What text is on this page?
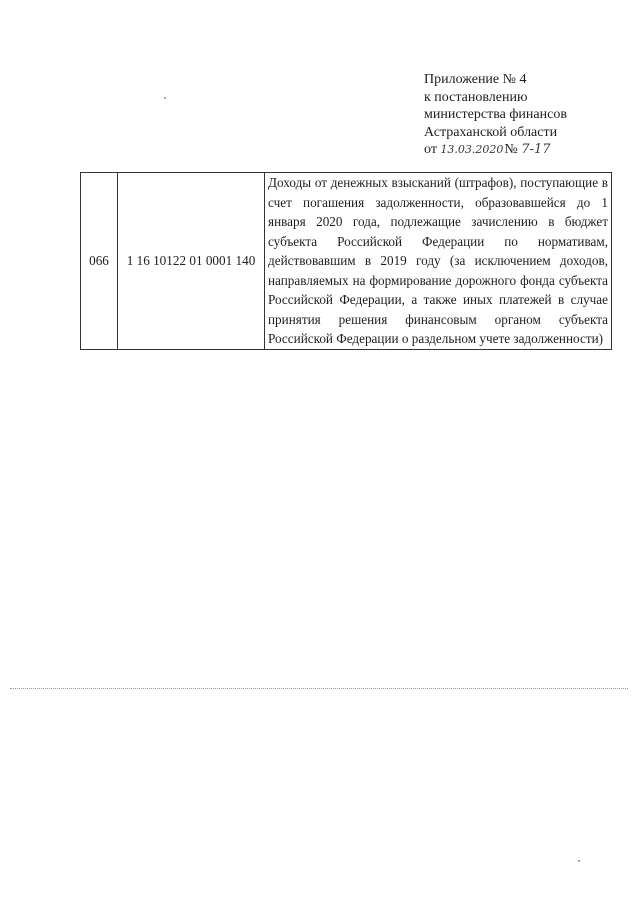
Приложение № 4
к постановлению
министерства финансов
Астраханской области
от 13.03.2020№ 7-17
066	1 16 10122 01 0001 140	Доходы от денежных взысканий (штрафов), поступающие в счет погашения задолженности, образовавшейся до 1 января 2020 года, подлежащие зачислению в бюджет субъекта Российской Федерации по нормативам, действовавшим в 2019 году (за исключением доходов, направляемых на формирование дорожного фонда субъекта Российской Федерации, а также иных платежей в случае принятия решения финансовым органом субъекта Российской Федерации о раздельном учете задолженности)
